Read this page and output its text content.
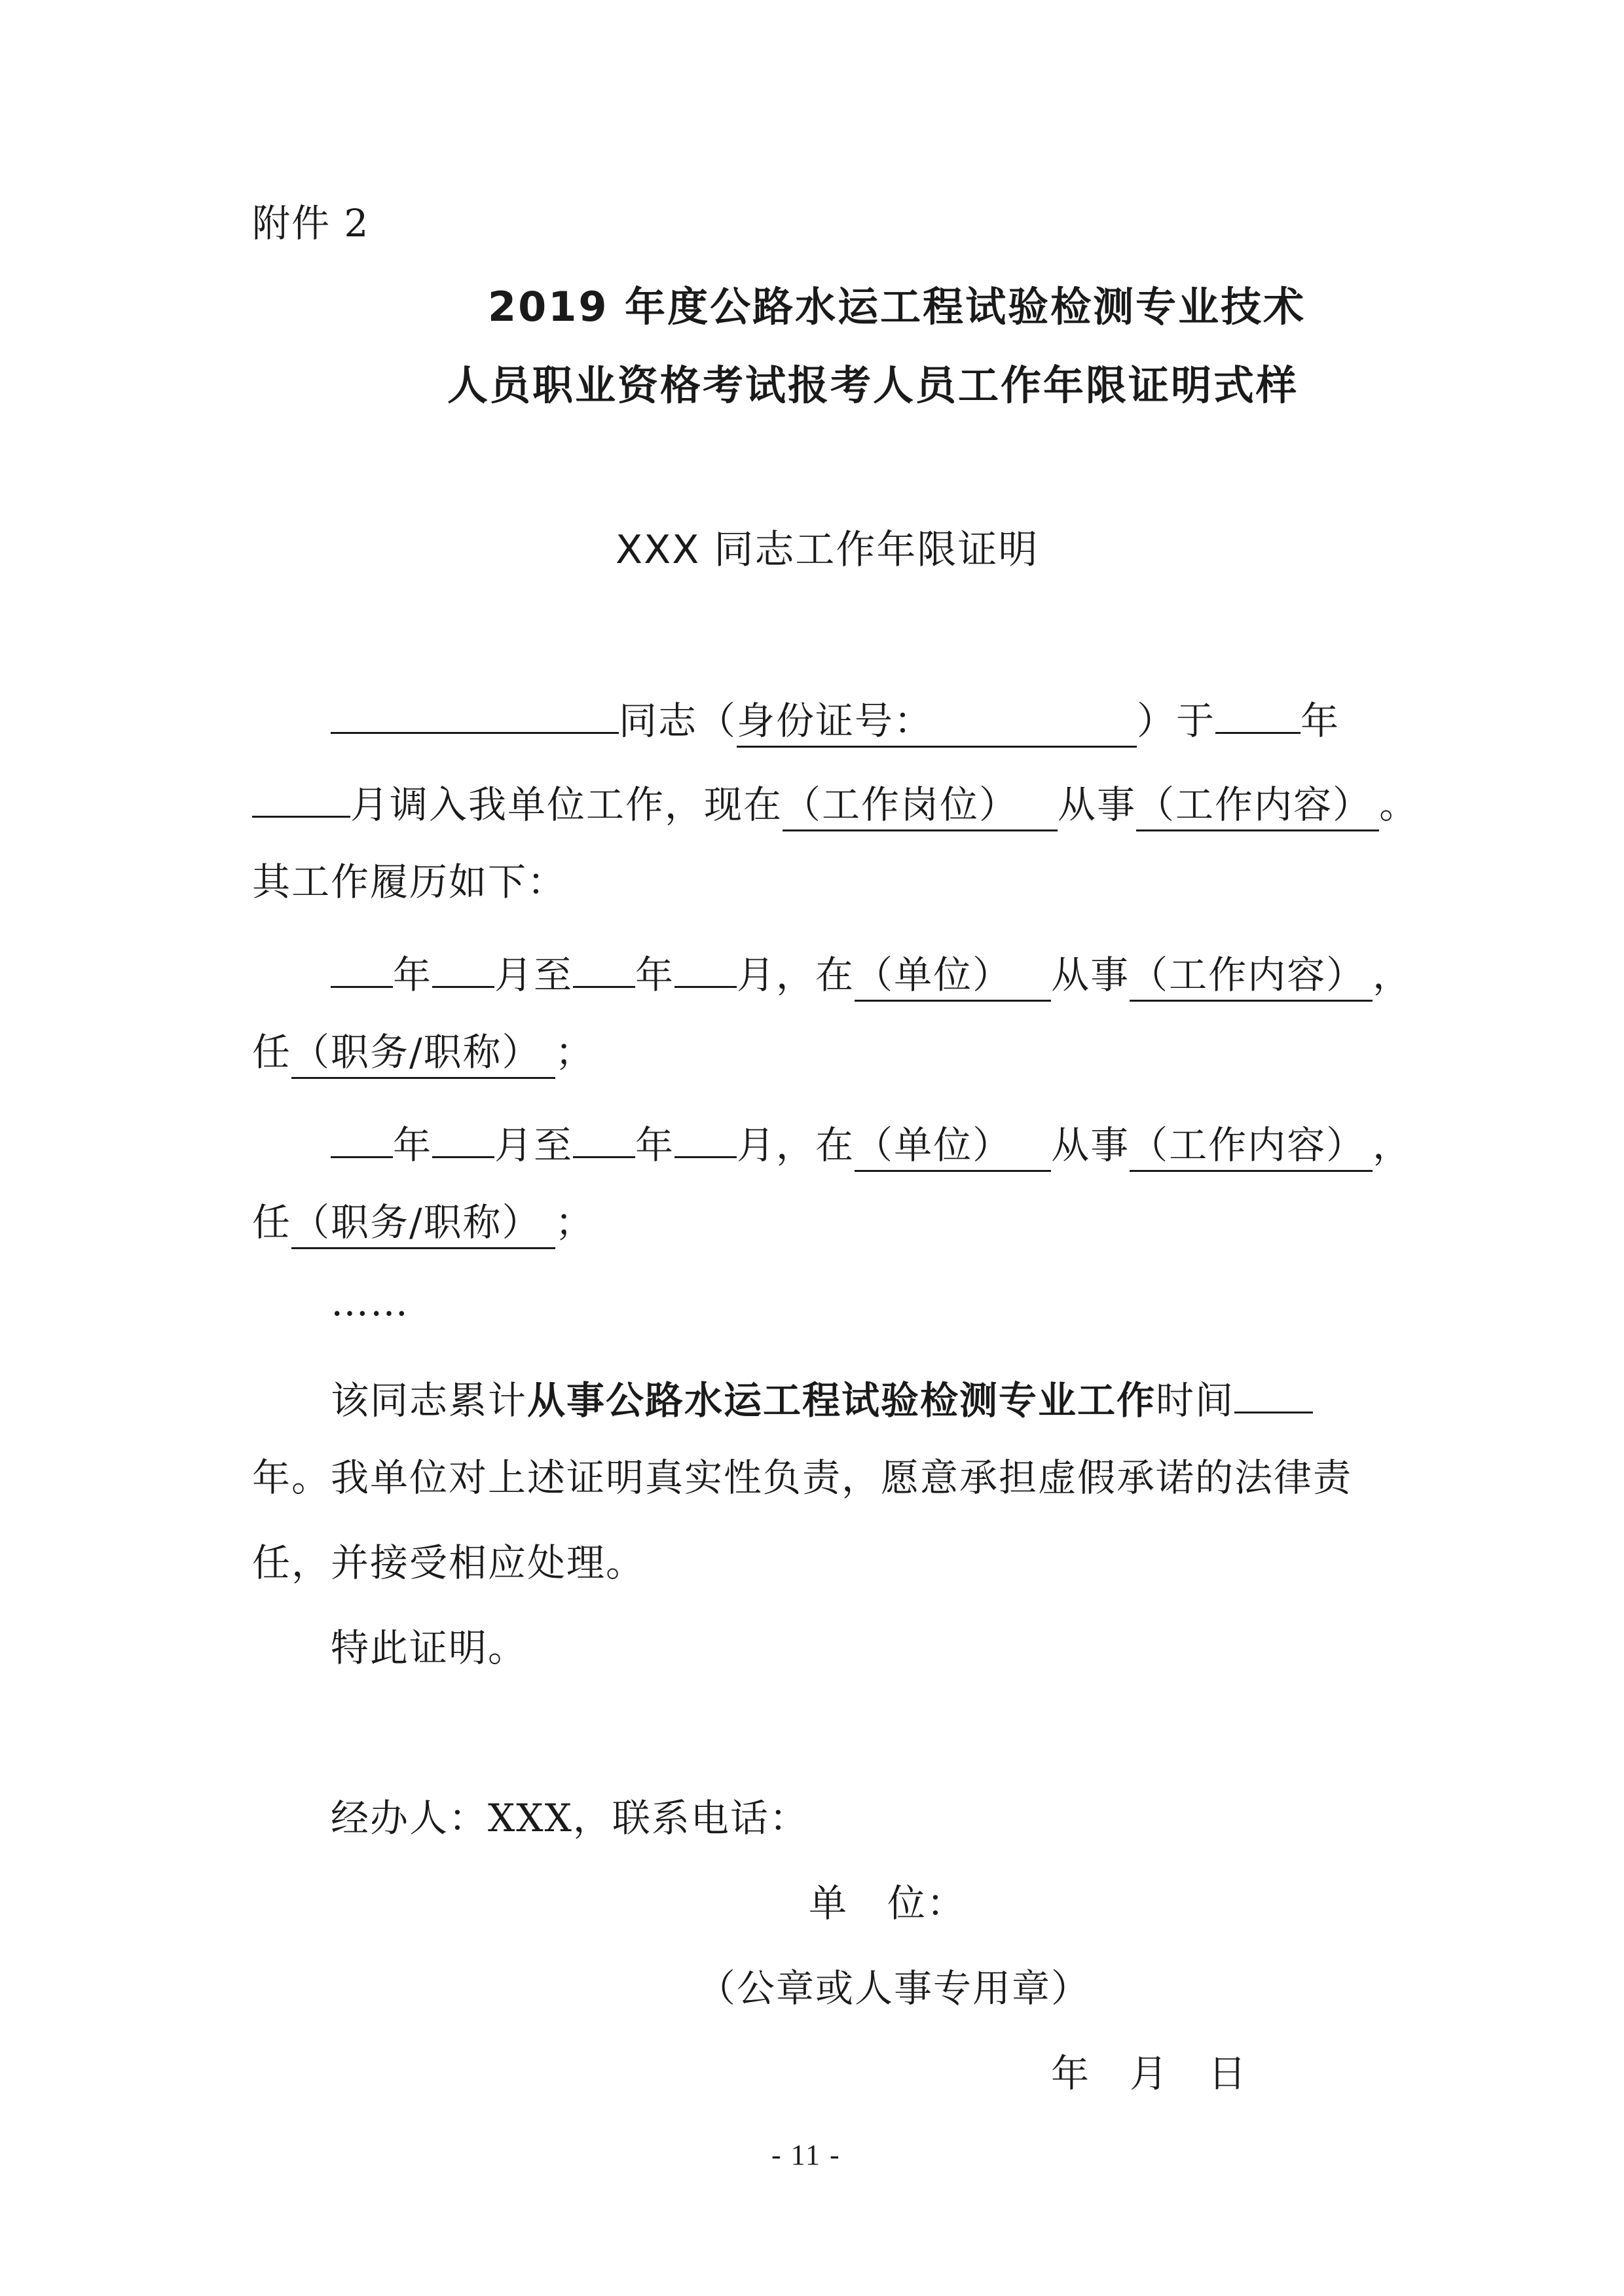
附件 2
2019 年度公路水运工程试验检测专业技术
人员职业资格考试报考人员工作年限证明式样
XXX 同志工作年限证明
同志（身份证号：	）于 年
月调入我单位工作，现在（工作岗位） 从事（工作内容） 。
其工作履历如下：
年 月至 年 月，在（单位） 从事（工作内容） ，
任（职务/职称） ；
年 月至 年 月，在（单位） 从事（工作内容） ，
任（职务/职称） ；
……
该同志累计从事公路水运工程试验检测专业工作时间
年。我单位对上述证明真实性负责，愿意承担虚假承诺的法律责
任，并接受相应处理。
特此证明。
经办人：XXX，联系电话：
单　位：
（公章或人事专用章）
年　月　日
- 11 -
